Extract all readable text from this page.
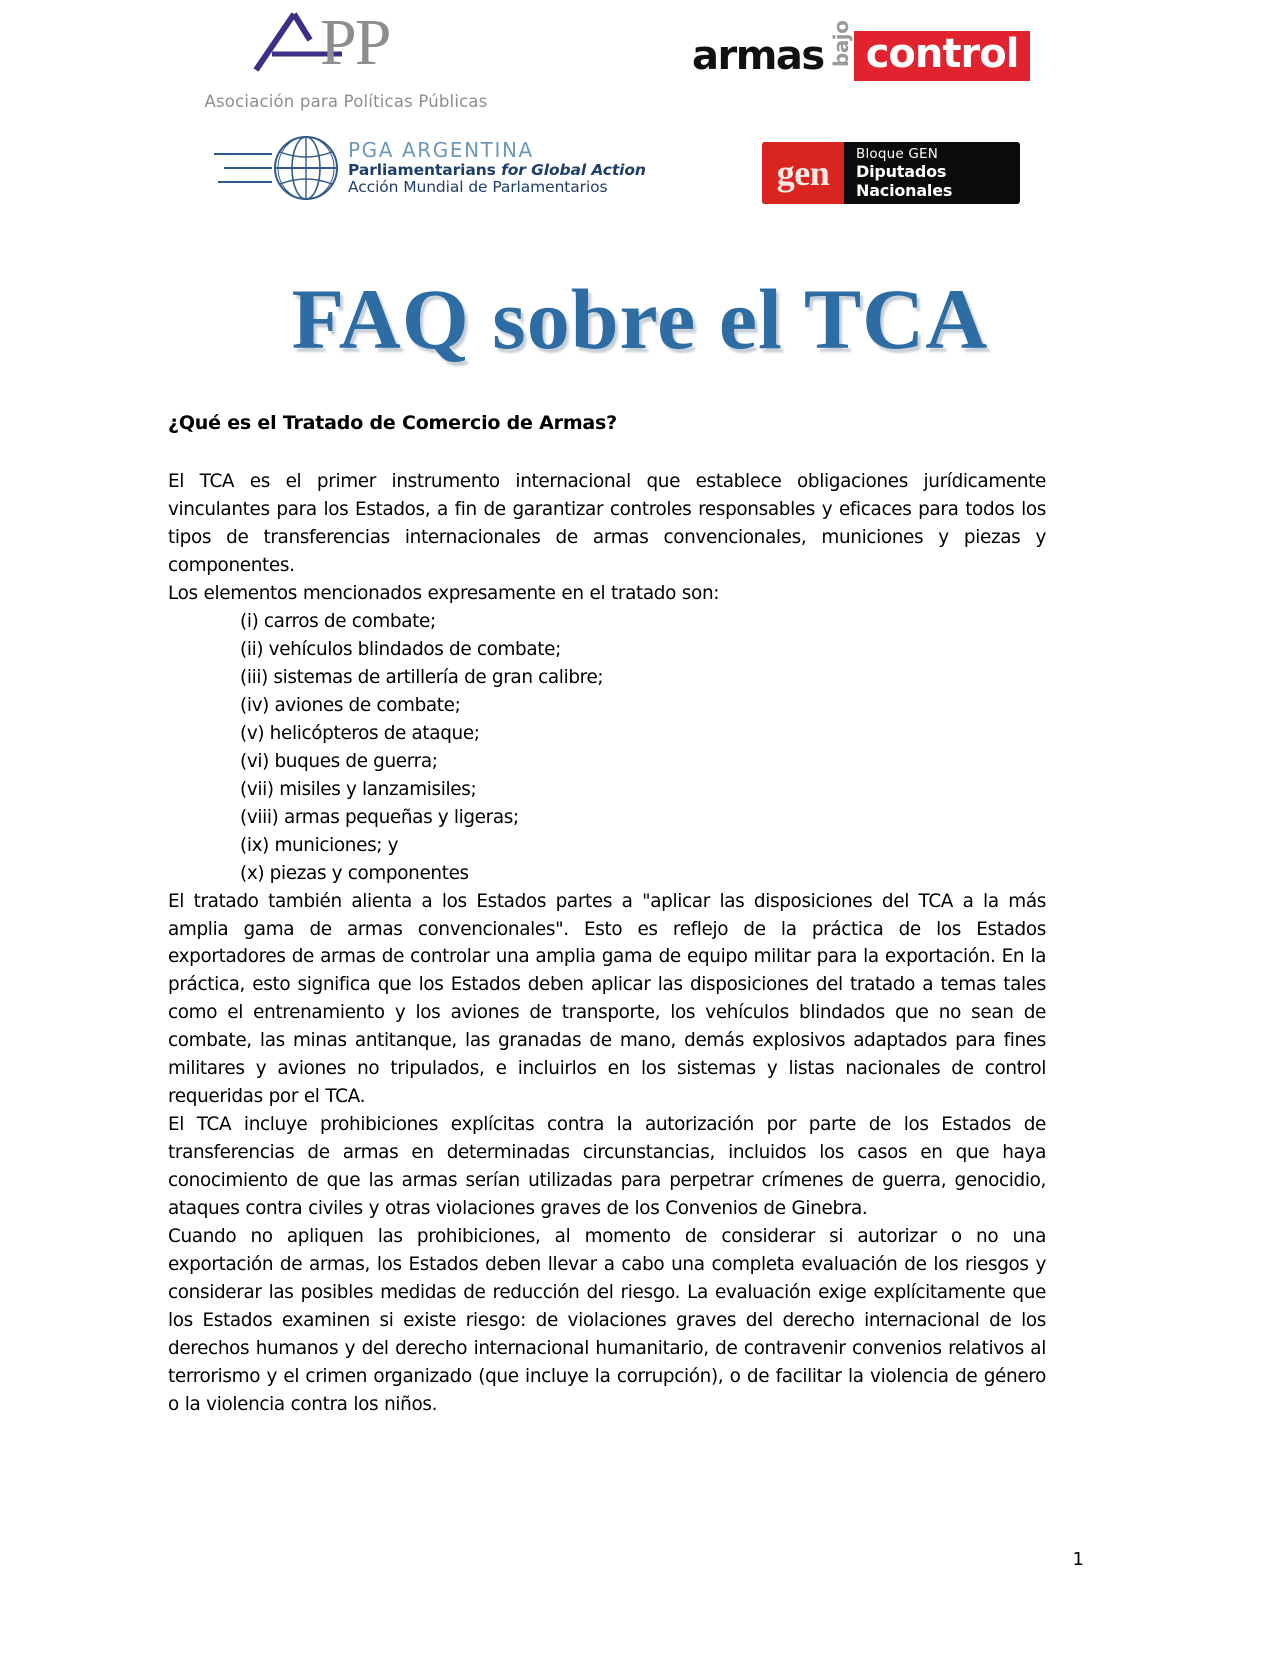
PP
Asociación para Políticas Públicas
armas bajo control
PGA ARGENTINA
Parliamentarians for Global Action
Acción Mundial de Parlamentarios	gen Bloque GEN
Diputados Nacionales
FAQ sobre el TCA
¿Qué es el Tratado de Comercio de Armas?

El TCA es el primer instrumento internacional que establece obligaciones jurídicamente vinculantes para los Estados, a fin de garantizar controles responsables y eficaces para todos los tipos de transferencias internacionales de armas convencionales, municiones y piezas y componentes.

Los elementos mencionados expresamente en el tratado son:

(i) carros de combate;
(ii) vehículos blindados de combate;
(iii) sistemas de artillería de gran calibre;
(iv) aviones de combate;
(v) helicópteros de ataque;
(vi) buques de guerra;
(vii) misiles y lanzamisiles;
(viii) armas pequeñas y ligeras;
(ix) municiones; y
(x) piezas y componentes

El tratado también alienta a los Estados partes a "aplicar las disposiciones del TCA a la más amplia gama de armas convencionales". Esto es reflejo de la práctica de los Estados exportadores de armas de controlar una amplia gama de equipo militar para la exportación. En la práctica, esto significa que los Estados deben aplicar las disposiciones del tratado a temas tales como el entrenamiento y los aviones de transporte, los vehículos blindados que no sean de combate, las minas antitanque, las granadas de mano, demás explosivos adaptados para fines militares y aviones no tripulados, e incluirlos en los sistemas y listas nacionales de control requeridas por el TCA.

El TCA incluye prohibiciones explícitas contra la autorización por parte de los Estados de transferencias de armas en determinadas circunstancias, incluidos los casos en que haya conocimiento de que las armas serían utilizadas para perpetrar crímenes de guerra, genocidio, ataques contra civiles y otras violaciones graves de los Convenios de Ginebra.

Cuando no apliquen las prohibiciones, al momento de considerar si autorizar o no una exportación de armas, los Estados deben llevar a cabo una completa evaluación de los riesgos y considerar las posibles medidas de reducción del riesgo. La evaluación exige explícitamente que los Estados examinen si existe riesgo: de violaciones graves del derecho internacional de los derechos humanos y del derecho internacional humanitario, de contravenir convenios relativos al terrorismo y el crimen organizado (que incluye la corrupción), o de facilitar la violencia de género o la violencia contra los niños.

1
